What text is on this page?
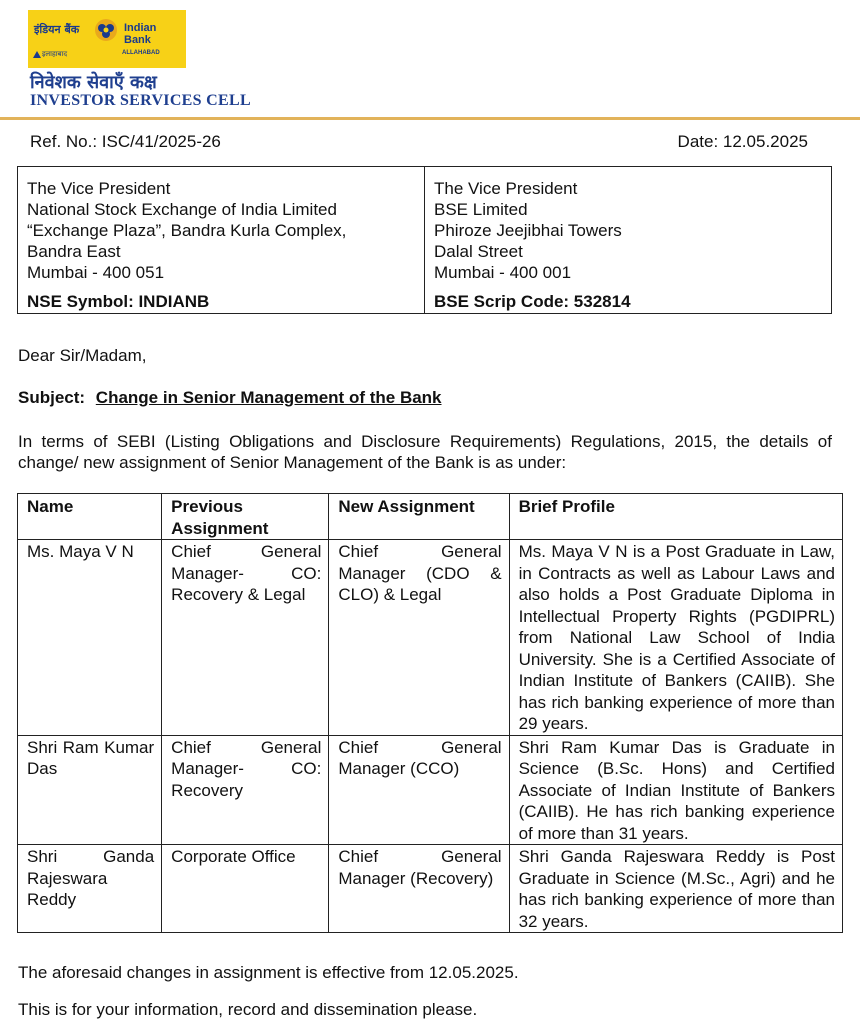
इंडियन बैंक	Indian Bank
इलाहाबाद	ALLAHABAD
निवेशक सेवाएँ कक्ष
INVESTOR SERVICES CELL
Ref. No.: ISC/41/2025-26	Date: 12.05.2025
The Vice President
National Stock Exchange of India Limited
“Exchange Plaza”, Bandra Kurla Complex,
Bandra East
Mumbai - 400 051
NSE Symbol: INDIANB

The Vice President
BSE Limited
Phiroze Jeejibhai Towers
Dalal Street
Mumbai - 400 001
BSE Scrip Code: 532814
Dear Sir/Madam,
Subject: Change in Senior Management of the Bank
In terms of SEBI (Listing Obligations and Disclosure Requirements) Regulations, 2015, the details of change/ new assignment of Senior Management of the Bank is as under:
Name	Previous Assignment	New Assignment	Brief Profile
Ms. Maya V N	Chief General Manager- CO: Recovery & Legal	Chief General Manager (CDO & CLO) & Legal	Ms. Maya V N is a Post Graduate in Law, in Contracts as well as Labour Laws and also holds a Post Graduate Diploma in Intellectual Property Rights (PGDIPRL) from National Law School of India University. She is a Certified Associate of Indian Institute of Bankers (CAIIB). She has rich banking experience of more than 29 years.
Shri Ram Kumar Das	Chief General Manager- CO: Recovery	Chief General Manager (CCO)	Shri Ram Kumar Das is Graduate in Science (B.Sc. Hons) and Certified Associate of Indian Institute of Bankers (CAIIB). He has rich banking experience of more than 31 years.
Shri Ganda Rajeswara Reddy	Corporate Office	Chief General Manager (Recovery)	Shri Ganda Rajeswara Reddy is Post Graduate in Science (M.Sc., Agri) and he has rich banking experience of more than 32 years.
The aforesaid changes in assignment is effective from 12.05.2025.
This is for your information, record and dissemination please.
